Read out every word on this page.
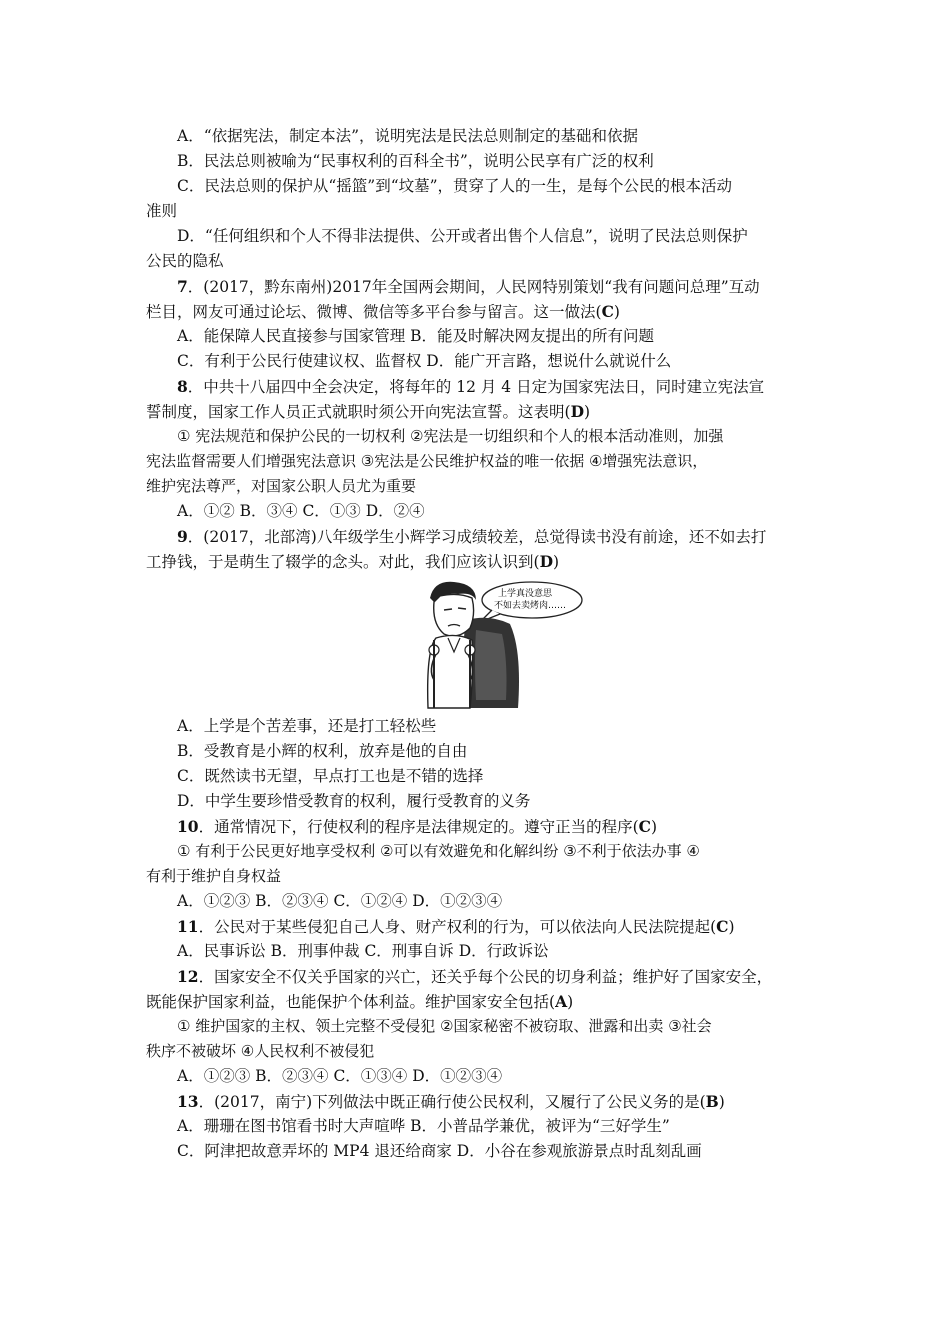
A．“依据宪法，制定本法”，说明宪法是民法总则制定的基础和依据
B．民法总则被喻为“民事权利的百科全书”，说明公民享有广泛的权利
C．民法总则的保护从“摇篮”到“坟墓”，贯穿了人的一生，是每个公民的根本活动
准则
D．“任何组织和个人不得非法提供、公开或者出售个人信息”，说明了民法总则保护
公民的隐私
7．(2017，黔东南州)2017年全国两会期间，人民网特别策划“我有问题问总理”互动
栏目，网友可通过论坛、微博、微信等多平台参与留言。这一做法(C)
A．能保障人民直接参与国家管理 B．能及时解决网友提出的所有问题
C．有利于公民行使建议权、监督权 D．能广开言路，想说什么就说什么
8．中共十八届四中全会决定，将每年的 12 月 4 日定为国家宪法日，同时建立宪法宣
誓制度，国家工作人员正式就职时须公开向宪法宣誓。这表明(D)
① 宪法规范和保护公民的一切权利 ②宪法是一切组织和个人的根本活动准则，加强
宪法监督需要人们增强宪法意识 ③宪法是公民维护权益的唯一依据 ④增强宪法意识，
维护宪法尊严，对国家公职人员尤为重要
A．①② B．③④ C．①③ D．②④
9．(2017，北部湾)八年级学生小辉学习成绩较差，总觉得读书没有前途，还不如去打
工挣钱，于是萌生了辍学的念头。对此，我们应该认识到(D)
上学真没意思
不如去卖烤肉……
A．上学是个苦差事，还是打工轻松些
B．受教育是小辉的权利，放弃是他的自由
C．既然读书无望，早点打工也是不错的选择
D．中学生要珍惜受教育的权利，履行受教育的义务
10．通常情况下，行使权利的程序是法律规定的。遵守正当的程序(C)
① 有利于公民更好地享受权利 ②可以有效避免和化解纠纷 ③不利于依法办事 ④
有利于维护自身权益
A．①②③ B．②③④ C．①②④ D．①②③④
11．公民对于某些侵犯自己人身、财产权利的行为，可以依法向人民法院提起(C)
A．民事诉讼 B．刑事仲裁 C．刑事自诉 D．行政诉讼
12．国家安全不仅关乎国家的兴亡，还关乎每个公民的切身利益；维护好了国家安全，
既能保护国家利益，也能保护个体利益。维护国家安全包括(A)
① 维护国家的主权、领土完整不受侵犯 ②国家秘密不被窃取、泄露和出卖 ③社会
秩序不被破坏 ④人民权利不被侵犯
A．①②③ B．②③④ C．①③④ D．①②③④
13．(2017，南宁)下列做法中既正确行使公民权利，又履行了公民义务的是(B)
A．珊珊在图书馆看书时大声喧哗 B．小普品学兼优，被评为“三好学生”
C．阿津把故意弄坏的 MP4 退还给商家 D．小谷在参观旅游景点时乱刻乱画
